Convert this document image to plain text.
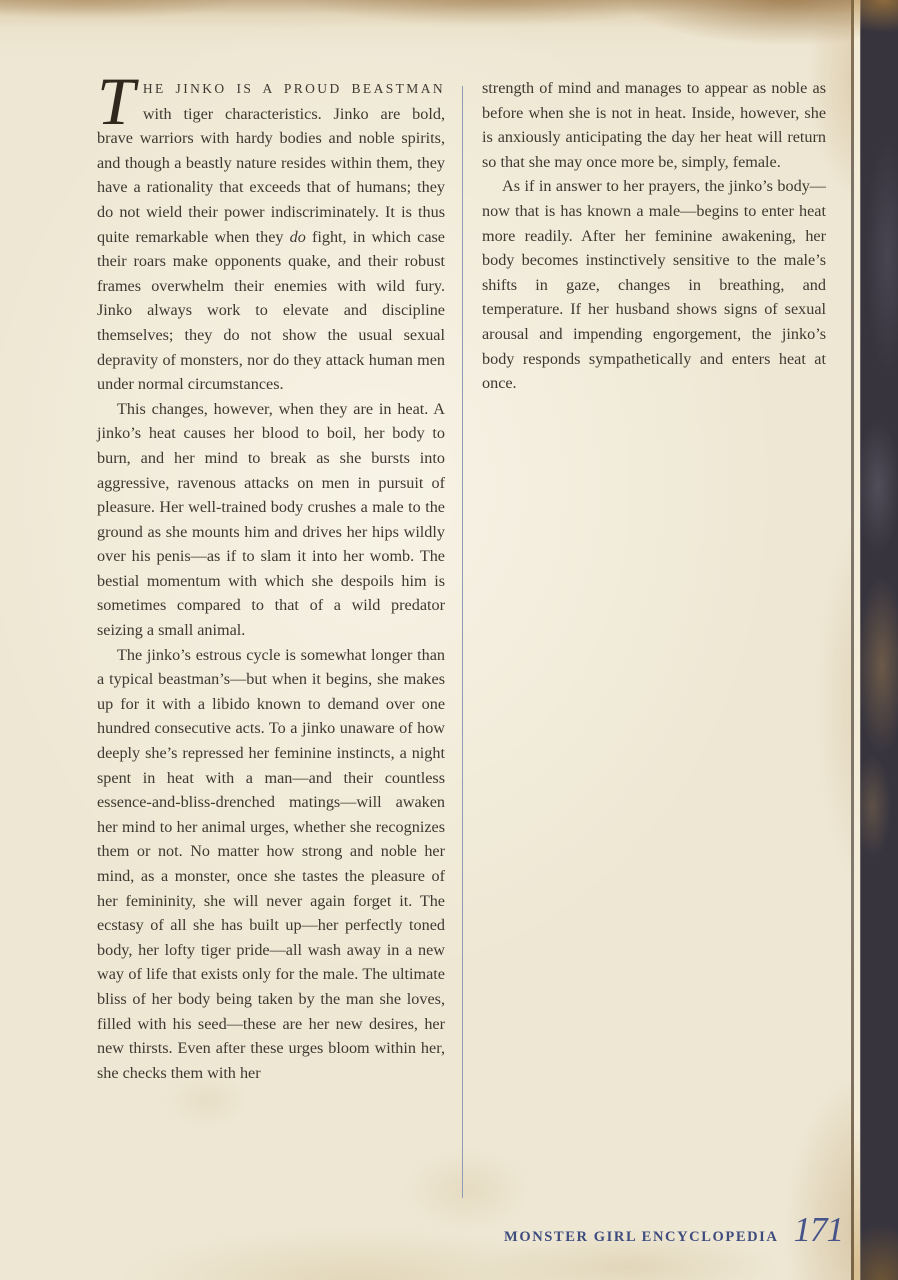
THE JINKO IS A PROUD BEASTMAN with tiger characteristics. Jinko are bold, brave warriors with hardy bodies and noble spirits, and though a beastly nature resides within them, they have a rationality that exceeds that of humans; they do not wield their power indiscriminately. It is thus quite remarkable when they do fight, in which case their roars make opponents quake, and their robust frames overwhelm their enemies with wild fury. Jinko always work to elevate and discipline themselves; they do not show the usual sexual depravity of monsters, nor do they attack human men under normal circumstances.

This changes, however, when they are in heat. A jinko’s heat causes her blood to boil, her body to burn, and her mind to break as she bursts into aggressive, ravenous attacks on men in pursuit of pleasure. Her well-trained body crushes a male to the ground as she mounts him and drives her hips wildly over his penis—as if to slam it into her womb. The bestial momentum with which she despoils him is sometimes compared to that of a wild predator seizing a small animal.

The jinko’s estrous cycle is somewhat longer than a typical beastman’s—but when it begins, she makes up for it with a libido known to demand over one hundred consecutive acts. To a jinko unaware of how deeply she’s repressed her feminine instincts, a night spent in heat with a man—and their countless essence-and-bliss-drenched matings—will awaken her mind to her animal urges, whether she recognizes them or not. No matter how strong and noble her mind, as a monster, once she tastes the pleasure of her femininity, she will never again forget it. The ecstasy of all she has built up—her perfectly toned body, her lofty tiger pride—all wash away in a new way of life that exists only for the male. The ultimate bliss of her body being taken by the man she loves, filled with his seed—these are her new desires, her new thirsts. Even after these urges bloom within her, she checks them with her

strength of mind and manages to appear as noble as before when she is not in heat. Inside, however, she is anxiously anticipating the day her heat will return so that she may once more be, simply, female.

As if in answer to her prayers, the jinko’s body—now that is has known a male—begins to enter heat more readily. After her feminine awakening, her body becomes instinctively sensitive to the male’s shifts in gaze, changes in breathing, and temperature. If her husband shows signs of sexual arousal and impending engorgement, the jinko’s body responds sympathetically and enters heat at once.

MONSTER GIRL ENCYCLOPEDIA 171
